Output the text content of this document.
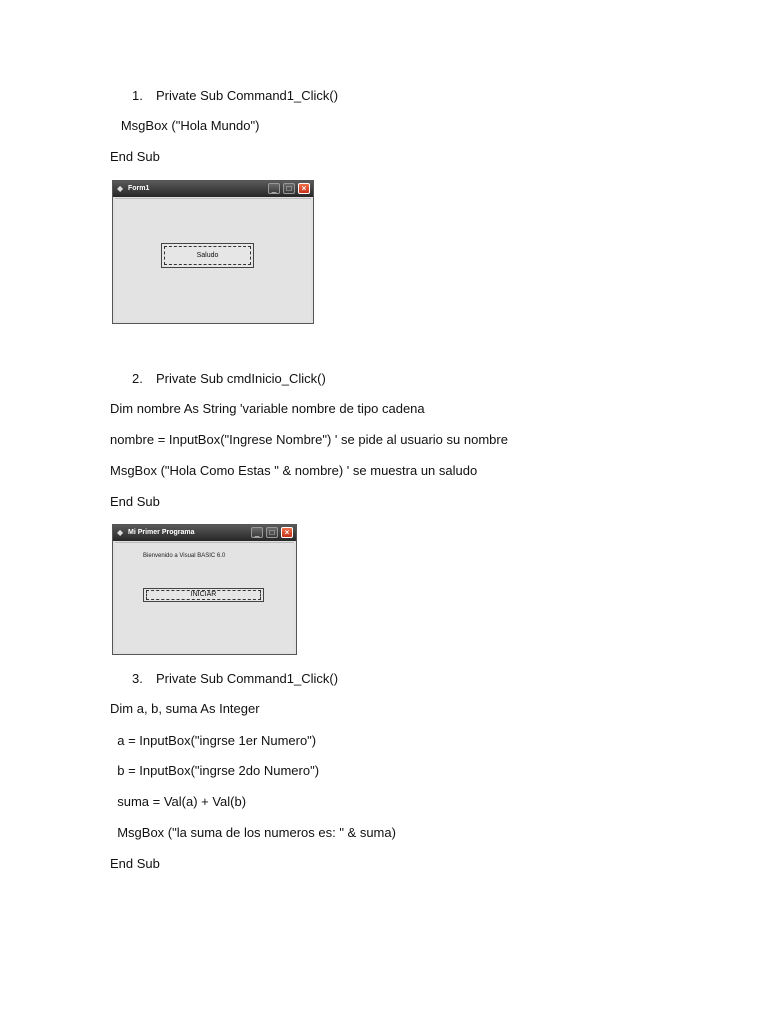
1. Private Sub Command1_Click()
MsgBox ("Hola Mundo")
End Sub
◆ Form1	_	□	×
Saludo
2. Private Sub cmdInicio_Click()
Dim nombre As String 'variable nombre de tipo cadena
nombre = InputBox("Ingrese Nombre") ' se pide al usuario su nombre
MsgBox ("Hola Como Estas " & nombre) ' se muestra un saludo
End Sub
◆ Mi Primer Programa	_	□	×
Bienvenido a Visual BASIC 6.0
INICIAR
3. Private Sub Command1_Click()
Dim a, b, suma As Integer
a = InputBox("ingrse 1er Numero")
b = InputBox("ingrse 2do Numero")
suma = Val(a) + Val(b)
MsgBox ("la suma de los numeros es: " & suma)
End Sub
